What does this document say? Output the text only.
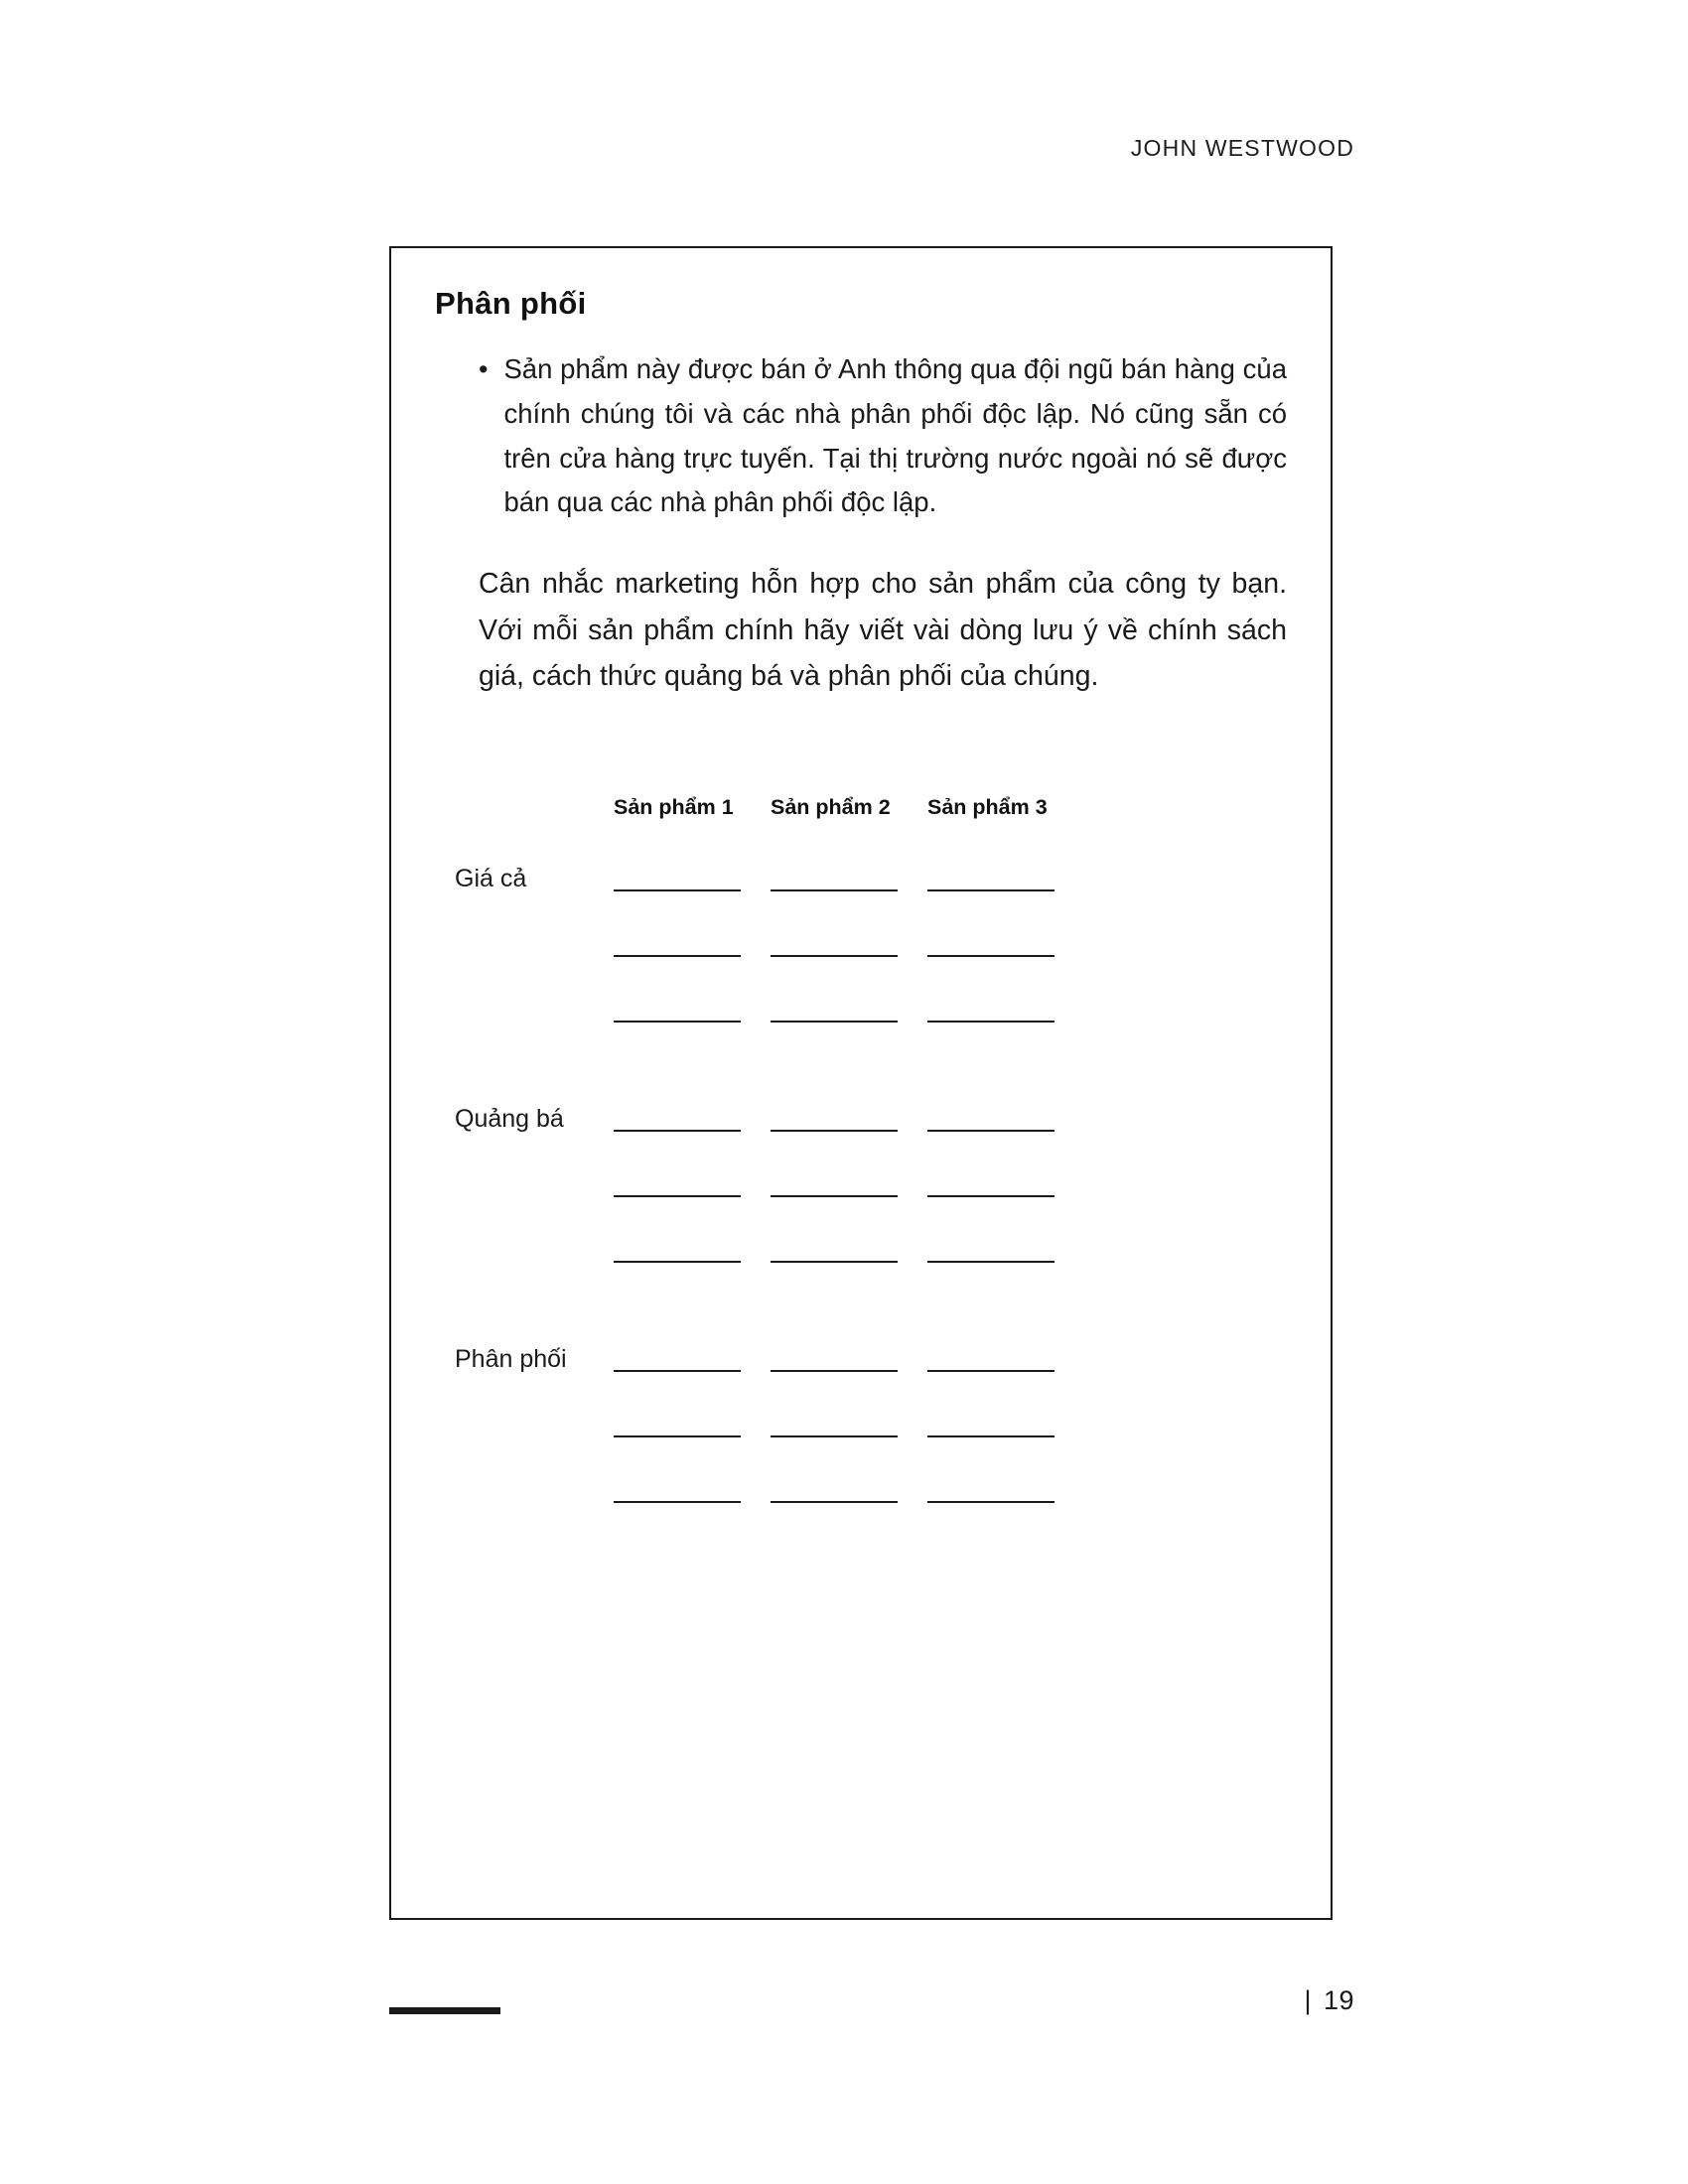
JOHN WESTWOOD
Phân phối
• Sản phẩm này được bán ở Anh thông qua đội ngũ bán hàng của chính chúng tôi và các nhà phân phối độc lập. Nó cũng sẵn có trên cửa hàng trực tuyến. Tại thị trường nước ngoài nó sẽ được bán qua các nhà phân phối độc lập.

Cân nhắc marketing hỗn hợp cho sản phẩm của công ty bạn. Với mỗi sản phẩm chính hãy viết vài dòng lưu ý về chính sách giá, cách thức quảng bá và phân phối của chúng.

Sản phẩm 1	Sản phẩm 2	Sản phẩm 3
Giá cả
Quảng bá
Phân phối
| 19
